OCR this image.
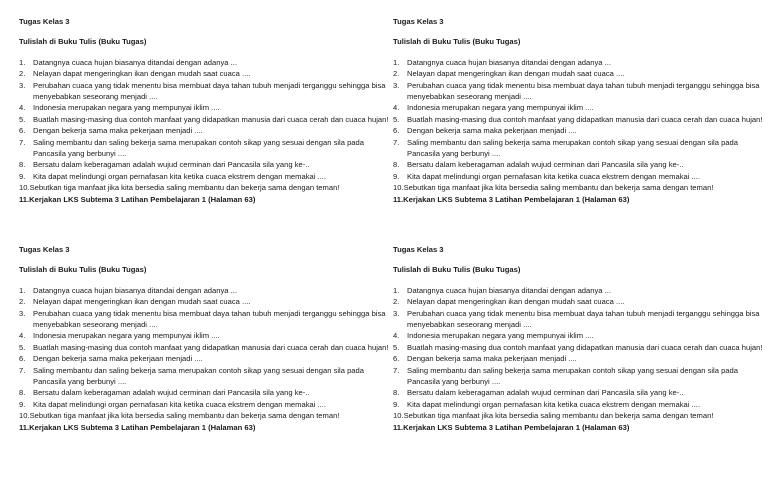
Tugas Kelas 3
Tulislah di Buku Tulis (Buku Tugas)
1.	Datangnya cuaca hujan biasanya ditandai dengan adanya ...
2.	Nelayan dapat mengeringkan ikan dengan mudah saat cuaca ....
3.	Perubahan cuaca yang tidak menentu bisa membuat daya tahan tubuh menjadi terganggu sehingga bisa menyebabkan seseorang menjadi ....
4.	Indonesia merupakan negara yang mempunyai iklim ....
5.	Buatlah masing-masing dua contoh manfaat yang didapatkan manusia dari cuaca cerah dan cuaca hujan!
6.	Dengan bekerja sama maka pekerjaan menjadi ....
7.	Saling membantu dan saling bekerja sama merupakan contoh sikap yang sesuai dengan sila pada Pancasila yang berbunyi ....
8.	Bersatu dalam keberagaman adalah wujud cerminan dari Pancasila sila yang ke-..
9.	Kita dapat melindungi organ pernafasan kita ketika cuaca ekstrem dengan memakai ....
10. Sebutkan tiga manfaat jika kita bersedia saling membantu dan bekerja sama dengan teman!
11. Kerjakan LKS Subtema 3 Latihan Pembelajaran 1 (Halaman 63)
Tugas Kelas 3
Tulislah di Buku Tulis (Buku Tugas)
1.	Datangnya cuaca hujan biasanya ditandai dengan adanya ...
2.	Nelayan dapat mengeringkan ikan dengan mudah saat cuaca ....
3.	Perubahan cuaca yang tidak menentu bisa membuat daya tahan tubuh menjadi terganggu sehingga bisa menyebabkan seseorang menjadi ....
4.	Indonesia merupakan negara yang mempunyai iklim ....
5.	Buatlah masing-masing dua contoh manfaat yang didapatkan manusia dari cuaca cerah dan cuaca hujan!
6.	Dengan bekerja sama maka pekerjaan menjadi ....
7.	Saling membantu dan saling bekerja sama merupakan contoh sikap yang sesuai dengan sila pada Pancasila yang berbunyi ....
8.	Bersatu dalam keberagaman adalah wujud cerminan dari Pancasila sila yang ke-..
9.	Kita dapat melindungi organ pernafasan kita ketika cuaca ekstrem dengan memakai ....
10. Sebutkan tiga manfaat jika kita bersedia saling membantu dan bekerja sama dengan teman!
11. Kerjakan LKS Subtema 3 Latihan Pembelajaran 1 (Halaman 63)
Tugas Kelas 3
Tulislah di Buku Tulis (Buku Tugas)
1.	Datangnya cuaca hujan biasanya ditandai dengan adanya ...
2.	Nelayan dapat mengeringkan ikan dengan mudah saat cuaca ....
3.	Perubahan cuaca yang tidak menentu bisa membuat daya tahan tubuh menjadi terganggu sehingga bisa menyebabkan seseorang menjadi ....
4.	Indonesia merupakan negara yang mempunyai iklim ....
5.	Buatlah masing-masing dua contoh manfaat yang didapatkan manusia dari cuaca cerah dan cuaca hujan!
6.	Dengan bekerja sama maka pekerjaan menjadi ....
7.	Saling membantu dan saling bekerja sama merupakan contoh sikap yang sesuai dengan sila pada Pancasila yang berbunyi ....
8.	Bersatu dalam keberagaman adalah wujud cerminan dari Pancasila sila yang ke-..
9.	Kita dapat melindungi organ pernafasan kita ketika cuaca ekstrem dengan memakai ....
10. Sebutkan tiga manfaat jika kita bersedia saling membantu dan bekerja sama dengan teman!
11. Kerjakan LKS Subtema 3 Latihan Pembelajaran 1 (Halaman 63)
Tugas Kelas 3
Tulislah di Buku Tulis (Buku Tugas)
1.	Datangnya cuaca hujan biasanya ditandai dengan adanya ...
2.	Nelayan dapat mengeringkan ikan dengan mudah saat cuaca ....
3.	Perubahan cuaca yang tidak menentu bisa membuat daya tahan tubuh menjadi terganggu sehingga bisa menyebabkan seseorang menjadi ....
4.	Indonesia merupakan negara yang mempunyai iklim ....
5.	Buatlah masing-masing dua contoh manfaat yang didapatkan manusia dari cuaca cerah dan cuaca hujan!
6.	Dengan bekerja sama maka pekerjaan menjadi ....
7.	Saling membantu dan saling bekerja sama merupakan contoh sikap yang sesuai dengan sila pada Pancasila yang berbunyi ....
8.	Bersatu dalam keberagaman adalah wujud cerminan dari Pancasila sila yang ke-..
9.	Kita dapat melindungi organ pernafasan kita ketika cuaca ekstrem dengan memakai ....
10. Sebutkan tiga manfaat jika kita bersedia saling membantu dan bekerja sama dengan teman!
11. Kerjakan LKS Subtema 3 Latihan Pembelajaran 1 (Halaman 63)
